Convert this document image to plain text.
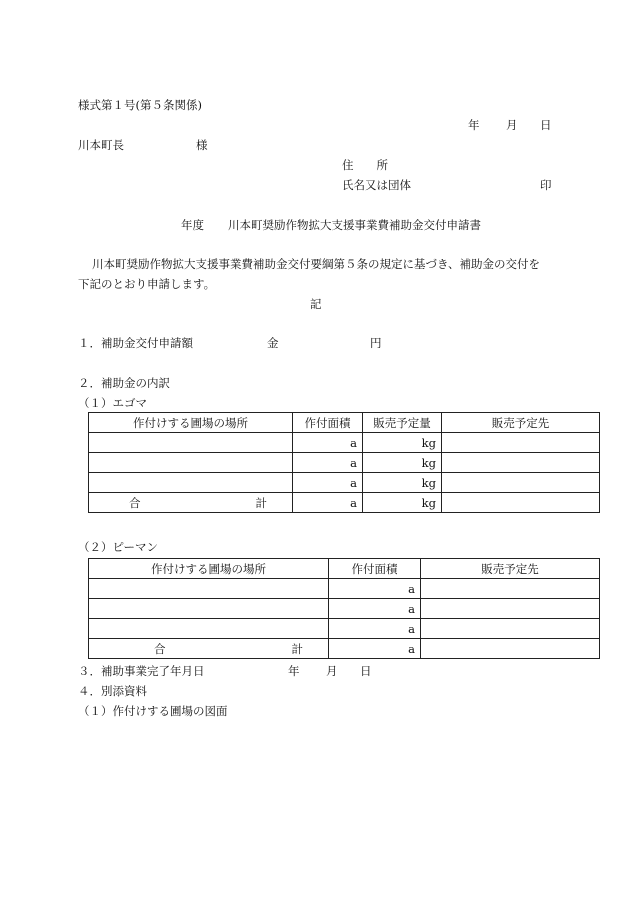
様式第１号(第５条関係)
年 月 日
川本町長	様
住　　所
氏名又は団体	印
年度 川本町奨励作物拡大支援事業費補助金交付申請書
川本町奨励作物拡大支援事業費補助金交付要綱第５条の規定に基づき、補助金の交付を
下記のとおり申請します。
記
１．補助金交付申請額	金	円
２．補助金の内訳
（１）エゴマ
作付けする圃場の場所	作付面積	販売予定量	販売予定先
	a	kg	
	a	kg	
	a	kg	

合 計	a	kg	
（２）ピーマン
作付けする圃場の場所	作付面積	販売予定先
	a	
	a	
	a	

合 計	a	
３．補助事業完了年月日	年 月 日
４．別添資料
（１）作付けする圃場の図面
